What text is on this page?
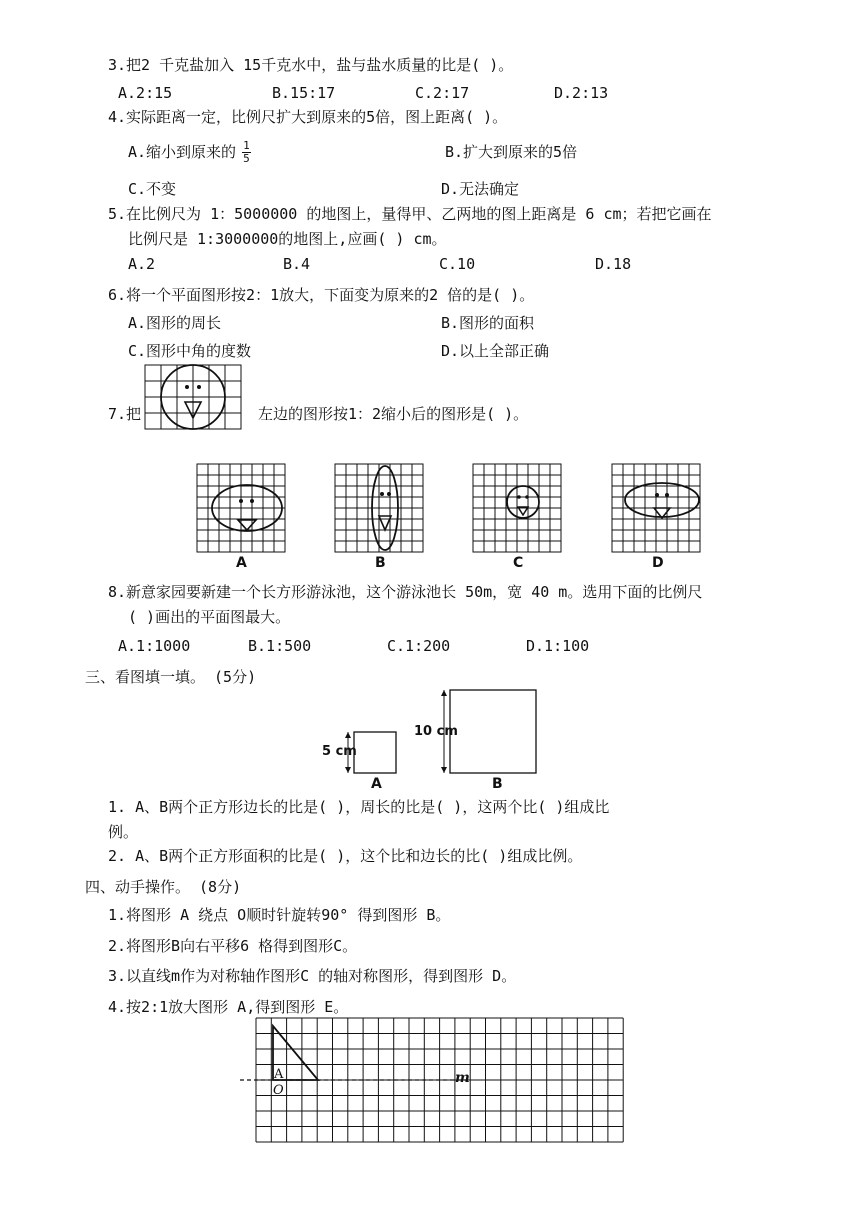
3.把2 千克盐加入 15千克水中，盐与盐水质量的比是( )。
A.2:15	B.15:17	C.2:17	D.2:13
4.实际距离一定，比例尺扩大到原来的5倍，图上距离( )。
A.缩小到原来的 $\frac{1}{5}$	B.扩大到原来的5倍
C.不变	D.无法确定
5.在比例尺为 1：5000000 的地图上，量得甲、乙两地的图上距离是 6 cm；若把它画在
比例尺是 1:3000000的地图上,应画( ) cm。
A.2	B.4	C.10	D.18
6.将一个平面图形按2：1放大，下面变为原来的2 倍的是( )。
A.图形的周长	B.图形的面积
C.图形中角的度数	D.以上全部正确
7.把	左边的图形按1：2缩小后的图形是( )。
A	B	C	D
8.新意家园要新建一个长方形游泳池，这个游泳池长 50m，宽 40 m。选用下面的比例尺
( )画出的平面图最大。
A.1:1000	B.1:500	C.1:200	D.1:100
三、看图填一填。 (5分)
5 cm
10 cm
A	B
1. A、B两个正方形边长的比是( )，周长的比是( )，这两个比( )组成比
例。
2. A、B两个正方形面积的比是( )，这个比和边长的比( )组成比例。
四、动手操作。 (8分)
1.将图形 A 绕点 O顺时针旋转90° 得到图形 B。
2.将图形B向右平移6 格得到图形C。
3.以直线m作为对称轴作图形C 的轴对称图形，得到图形 D。
4.按2:1放大图形 A,得到图形 E。
A
O
m
